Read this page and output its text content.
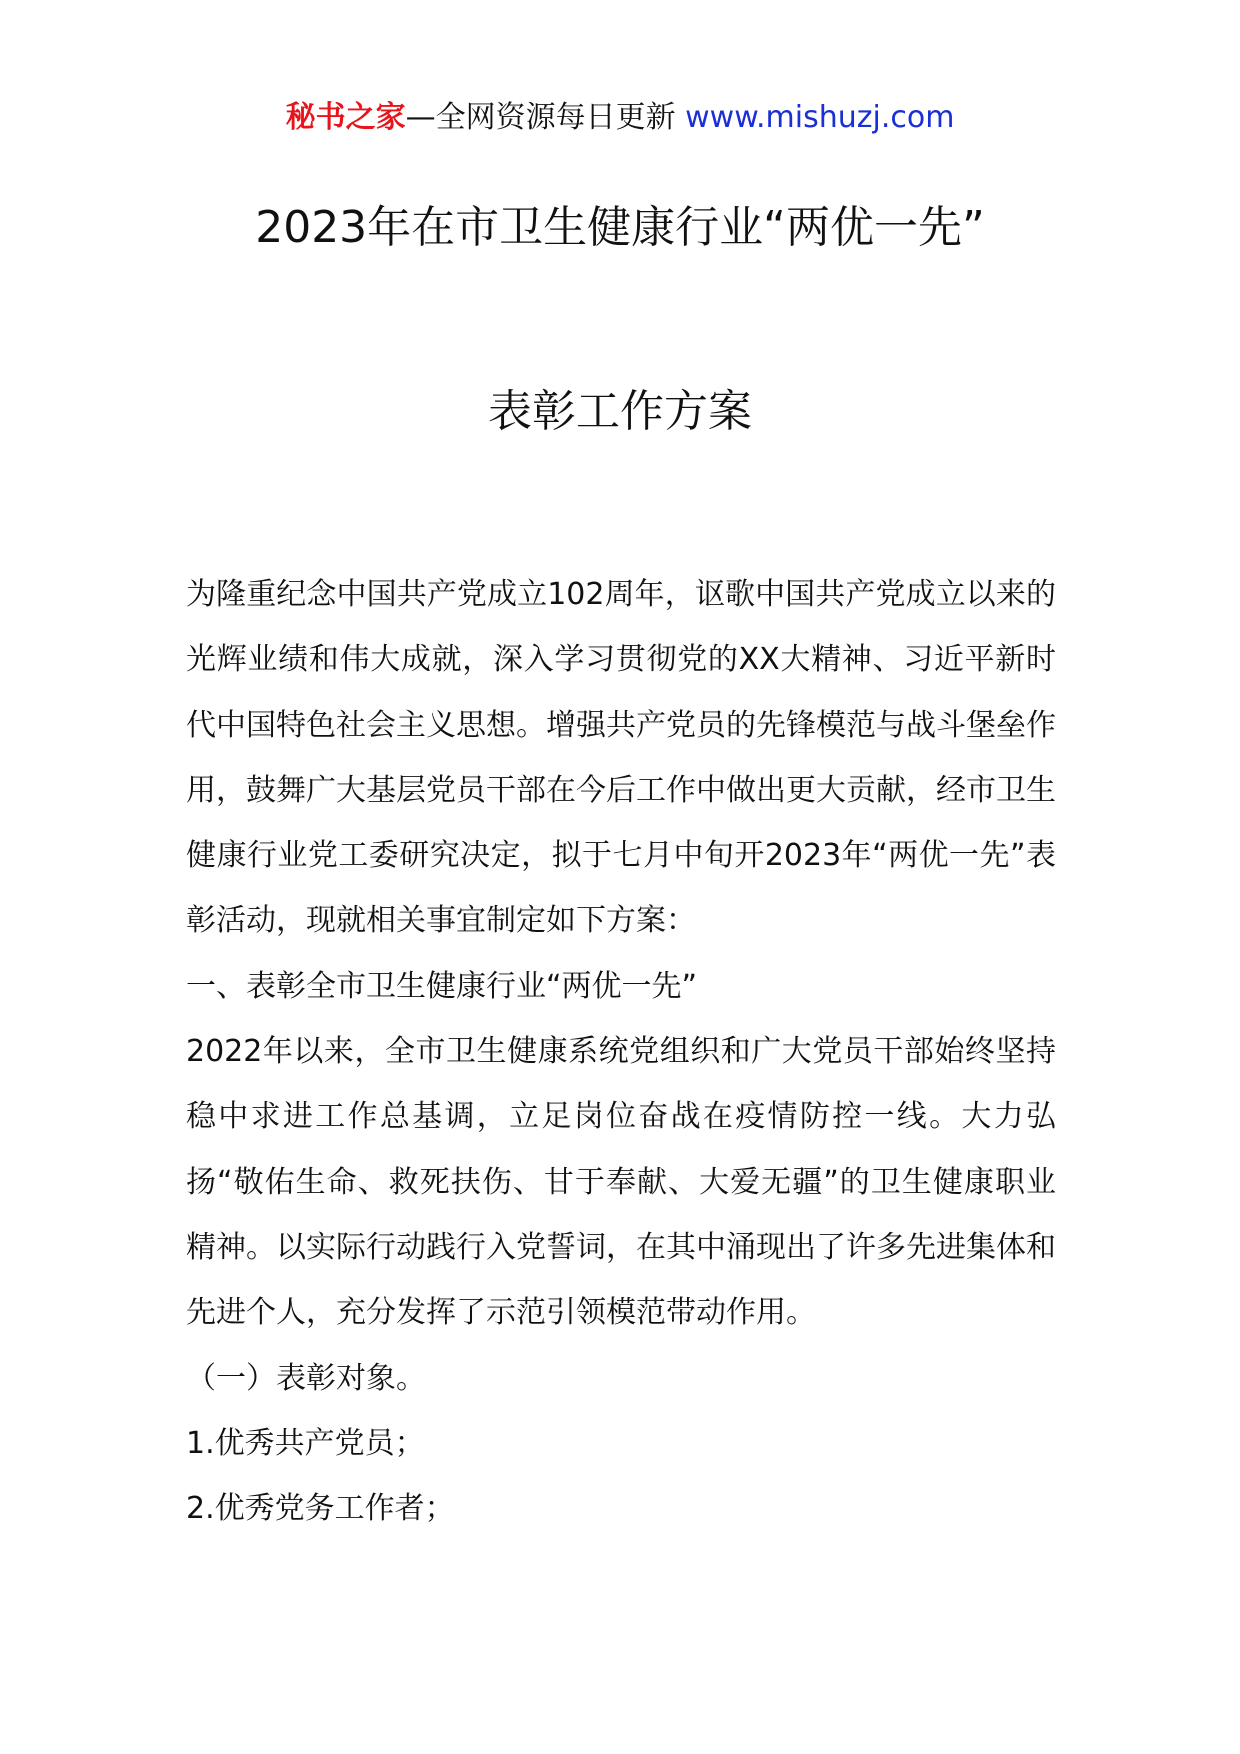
秘书之家—全网资源每日更新 www.mishuzj.com
2023年在市卫生健康行业“两优一先”
表彰工作方案

为隆重纪念中国共产党成立102周年，讴歌中国共产党成立以来的光辉业绩和伟大成就，深入学习贯彻党的XX大精神、习近平新时代中国特色社会主义思想。增强共产党员的先锋模范与战斗堡垒作用，鼓舞广大基层党员干部在今后工作中做出更大贡献，经市卫生健康行业党工委研究决定，拟于七月中旬开2023年“两优一先”表彰活动，现就相关事宜制定如下方案：

一、表彰全市卫生健康行业“两优一先”

2022年以来，全市卫生健康系统党组织和广大党员干部始终坚持稳中求进工作总基调，立足岗位奋战在疫情防控一线。大力弘扬“敬佑生命、救死扶伤、甘于奉献、大爱无疆”的卫生健康职业精神。以实际行动践行入党誓词，在其中涌现出了许多先进集体和先进个人，充分发挥了示范引领模范带动作用。

（一）表彰对象。

1.优秀共产党员；

2.优秀党务工作者；
